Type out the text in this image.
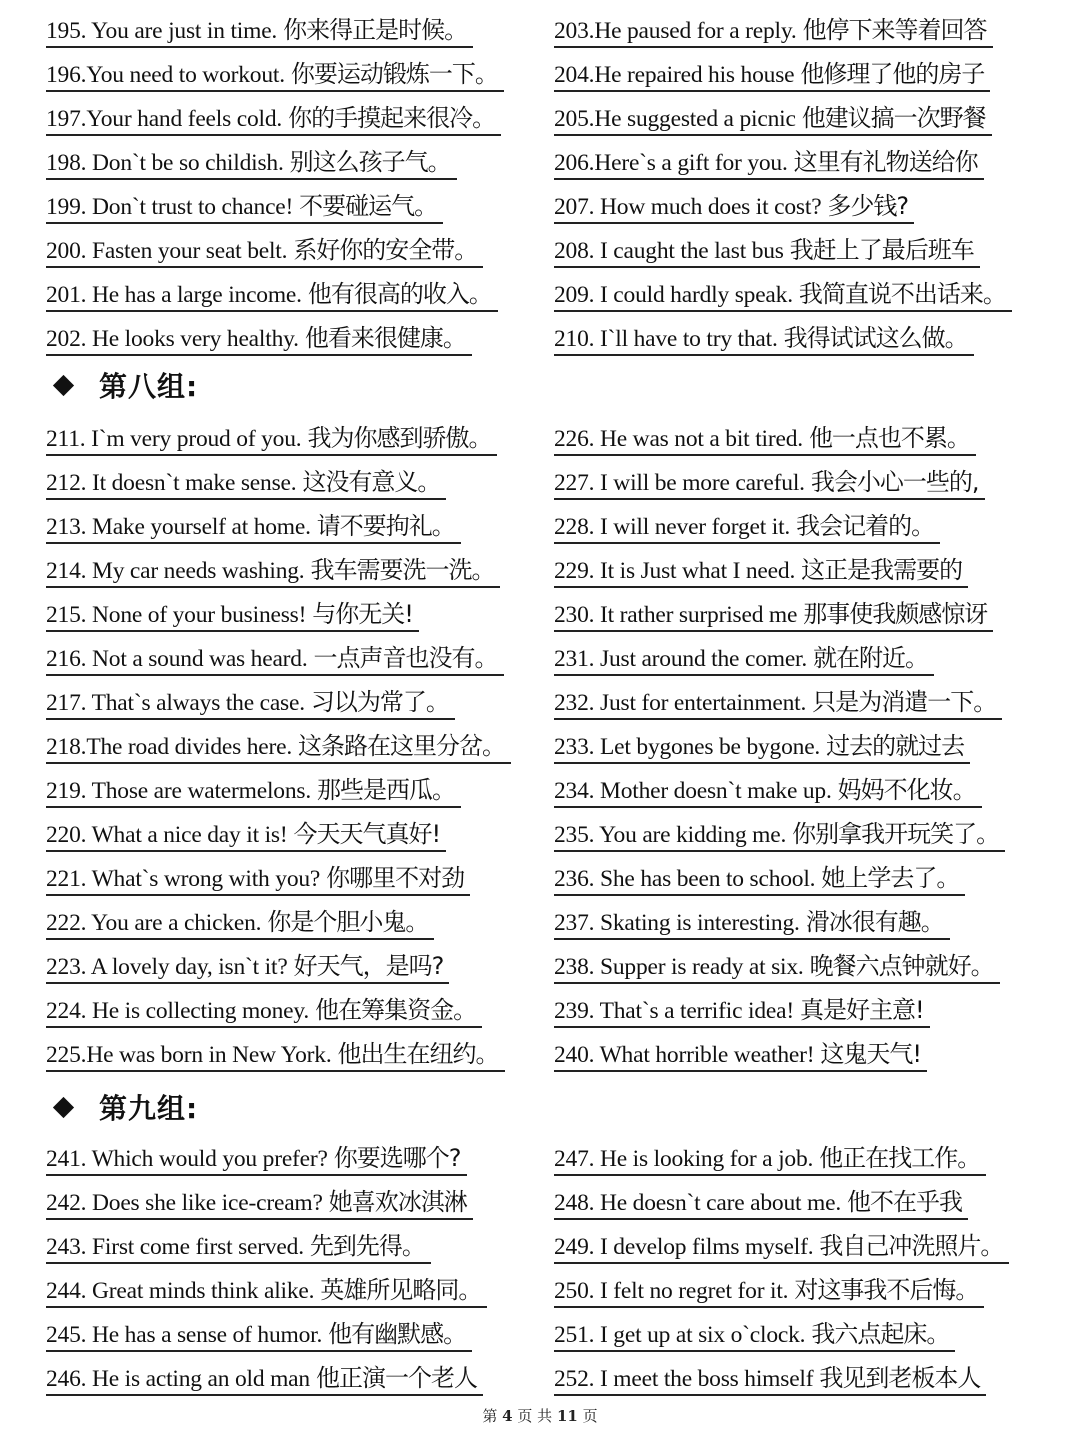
195. You are just in time. 你来得正是时候。
196.You need to workout. 你要运动锻炼一下。
197.Your hand feels cold. 你的手摸起来很冷。
198. Don`t be so childish. 别这么孩子气。
199. Don`t trust to chance! 不要碰运气。
200. Fasten your seat belt. 系好你的安全带。
201. He has a large income. 他有很高的收入。
202. He looks very healthy. 他看来很健康。
203.He paused for a reply. 他停下来等着回答
204.He repaired his house 他修理了他的房子
205.He suggested a picnic 他建议搞一次野餐
206.Here`s a gift for you. 这里有礼物送给你
207. How much does it cost? 多少钱?
208. I caught the last bus 我赶上了最后班车
209. I could hardly speak. 我简直说不出话来。
210. I`ll have to try that. 我得试试这么做。
第八组:
211. I`m very proud of you. 我为你感到骄傲。
212. It doesn`t make sense. 这没有意义。
213. Make yourself at home. 请不要拘礼。
214. My car needs washing. 我车需要洗一洗。
215. None of your business! 与你无关!
216. Not a sound was heard. 一点声音也没有。
217. That`s always the case. 习以为常了。
218.The road divides here. 这条路在这里分岔。
219. Those are watermelons. 那些是西瓜。
220. What a nice day it is! 今天天气真好!
221. What`s wrong with you? 你哪里不对劲
222. You are a chicken. 你是个胆小鬼。
223. A lovely day, isn`t it? 好天气，是吗?
224. He is collecting money. 他在筹集资金。
225.He was born in New York. 他出生在纽约。
226. He was not a bit tired. 他一点也不累。
227. I will be more careful. 我会小心一些的,
228. I will never forget it. 我会记着的。
229. It is Just what I need. 这正是我需要的
230. It rather surprised me 那事使我颇感惊讶
231. Just around the comer. 就在附近。
232. Just for entertainment. 只是为消遣一下。
233. Let bygones be bygone. 过去的就过去
234. Mother doesn`t make up. 妈妈不化妆。
235. You are kidding me. 你别拿我开玩笑了。
236. She has been to school. 她上学去了。
237. Skating is interesting. 滑冰很有趣。
238. Supper is ready at six. 晚餐六点钟就好。
239. That`s a terrific idea! 真是好主意!
240. What horrible weather! 这鬼天气!
第九组:
241. Which would you prefer? 你要选哪个?
242. Does she like ice-cream? 她喜欢冰淇淋
243. First come first served. 先到先得。
244. Great minds think alike. 英雄所见略同。
245. He has a sense of humor. 他有幽默感。
246. He is acting an old man 他正演一个老人
247. He is looking for a job. 他正在找工作。
248. He doesn`t care about me. 他不在乎我
249. I develop films myself. 我自己冲洗照片。
250. I felt no regret for it. 对这事我不后悔。
251. I get up at six o`clock. 我六点起床。
252. I meet the boss himself 我见到老板本人
第 4 页 共 11 页
